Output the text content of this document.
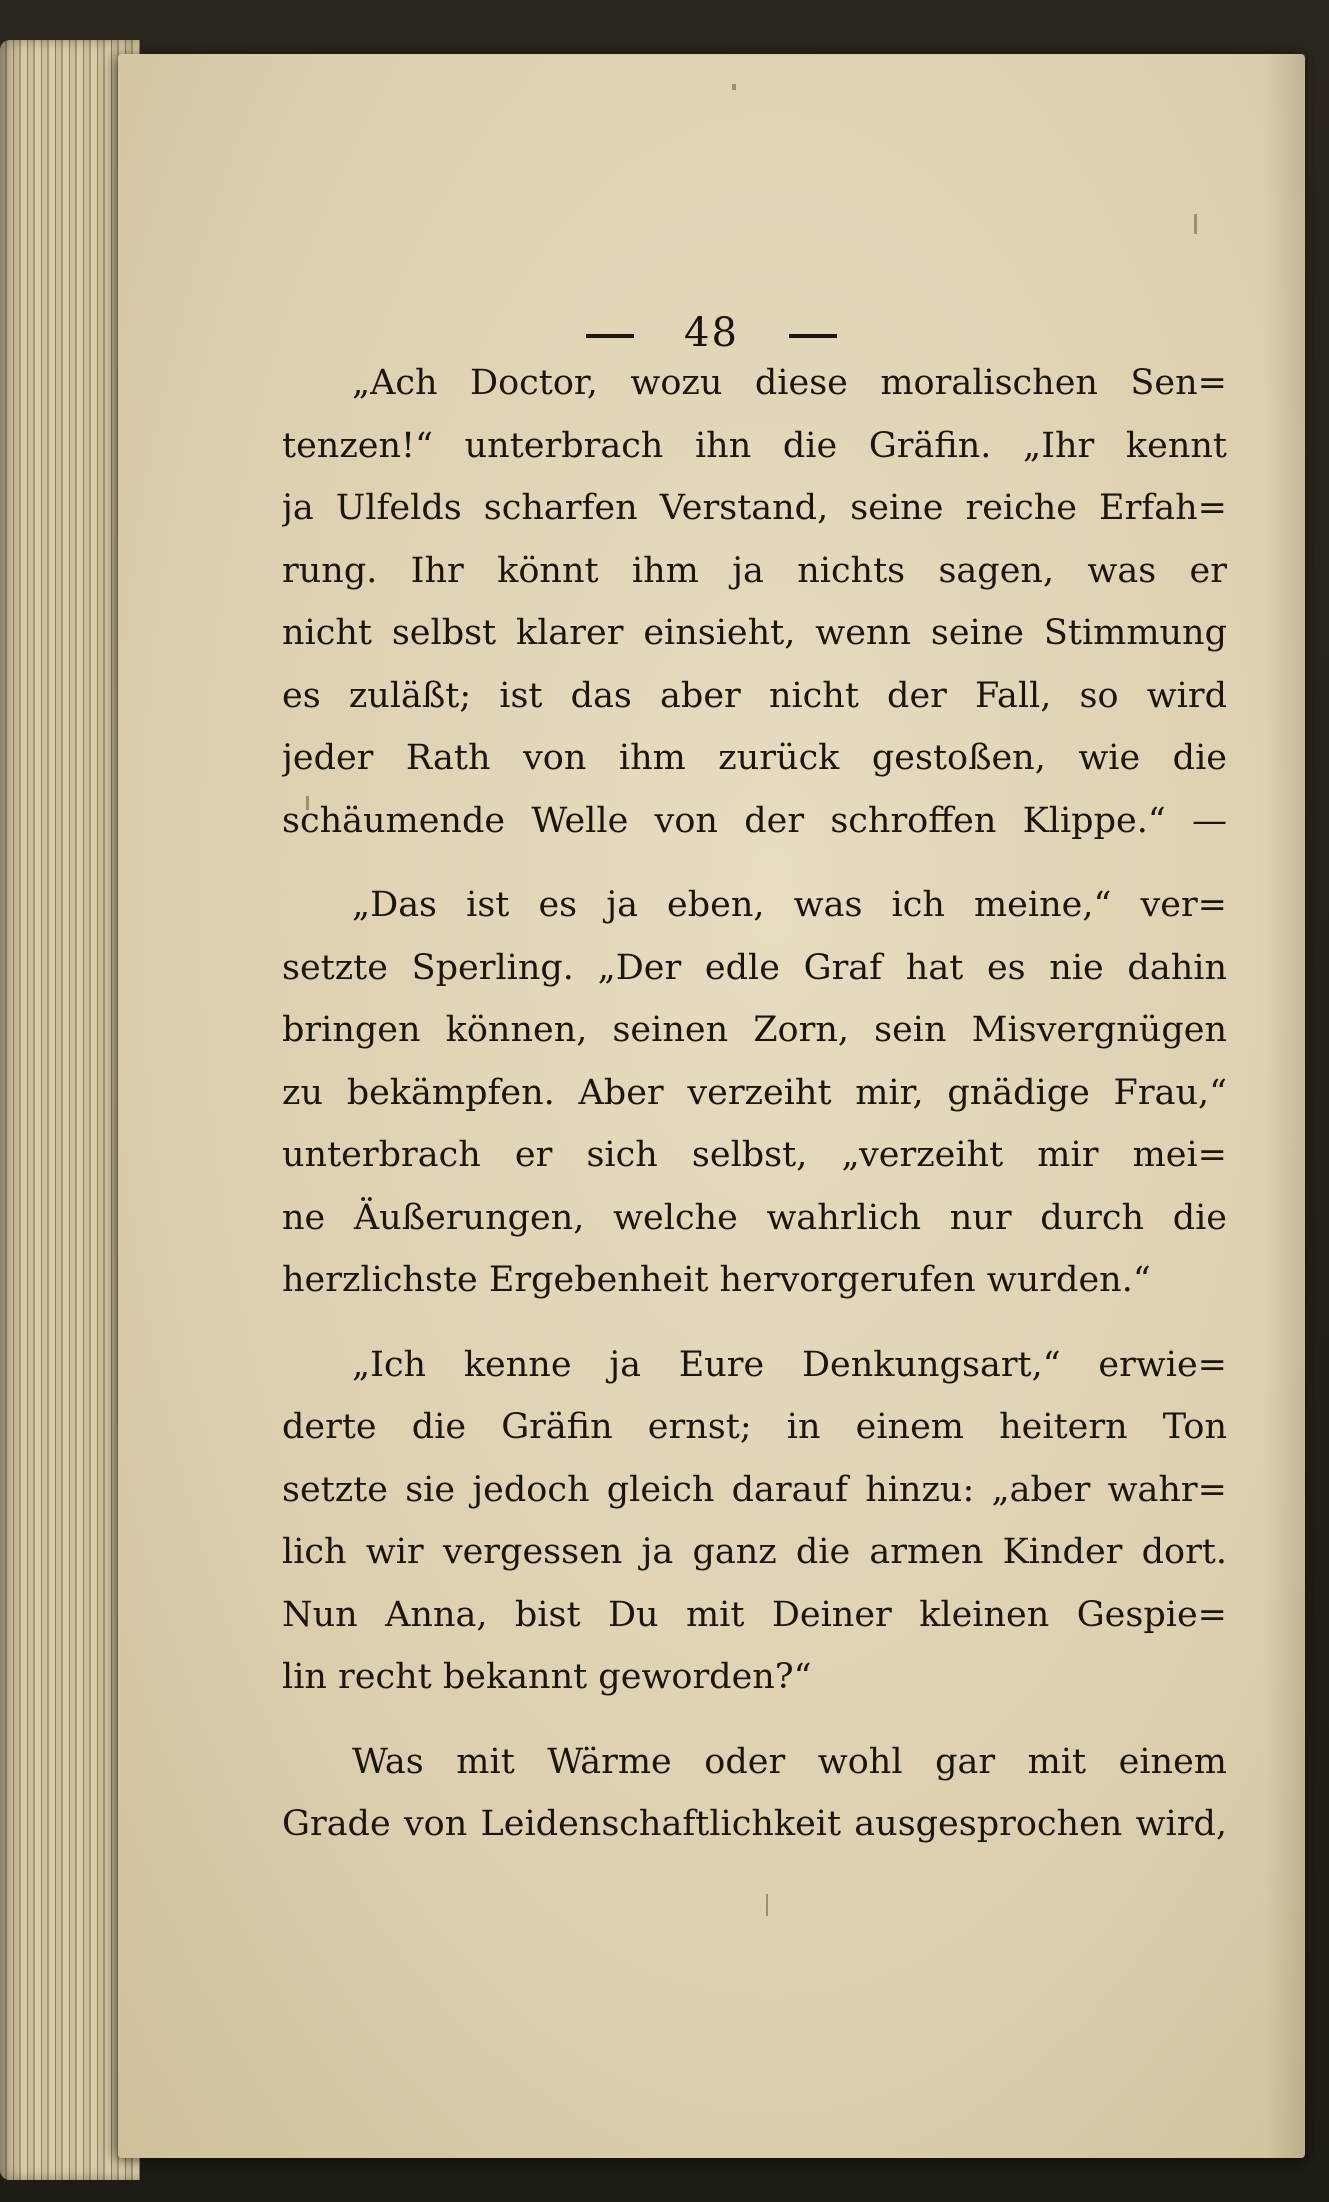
48
„Ach Doctor, wozu diese moralischen Sen=
tenzen!“ unterbrach ihn die Gräfin. „Ihr kennt
ja Ulfelds scharfen Verstand, seine reiche Erfah=
rung. Ihr könnt ihm ja nichts sagen, was er
nicht selbst klarer einsieht, wenn seine Stimmung
es zuläßt; ist das aber nicht der Fall, so wird
jeder Rath von ihm zurück gestoßen, wie die
schäumende Welle von der schroffen Klippe.“ —
„Das ist es ja eben, was ich meine,“ ver=
setzte Sperling. „Der edle Graf hat es nie dahin
bringen können, seinen Zorn, sein Misvergnügen
zu bekämpfen. Aber verzeiht mir, gnädige Frau,“
unterbrach er sich selbst, „verzeiht mir mei=
ne Äußerungen, welche wahrlich nur durch die
herzlichste Ergebenheit hervorgerufen wurden.“
„Ich kenne ja Eure Denkungsart,“ erwie=
derte die Gräfin ernst; in einem heitern Ton
setzte sie jedoch gleich darauf hinzu: „aber wahr=
lich wir vergessen ja ganz die armen Kinder dort.
Nun Anna, bist Du mit Deiner kleinen Gespie=
lin recht bekannt geworden?“
Was mit Wärme oder wohl gar mit einem
Grade von Leidenschaftlichkeit ausgesprochen wird,
